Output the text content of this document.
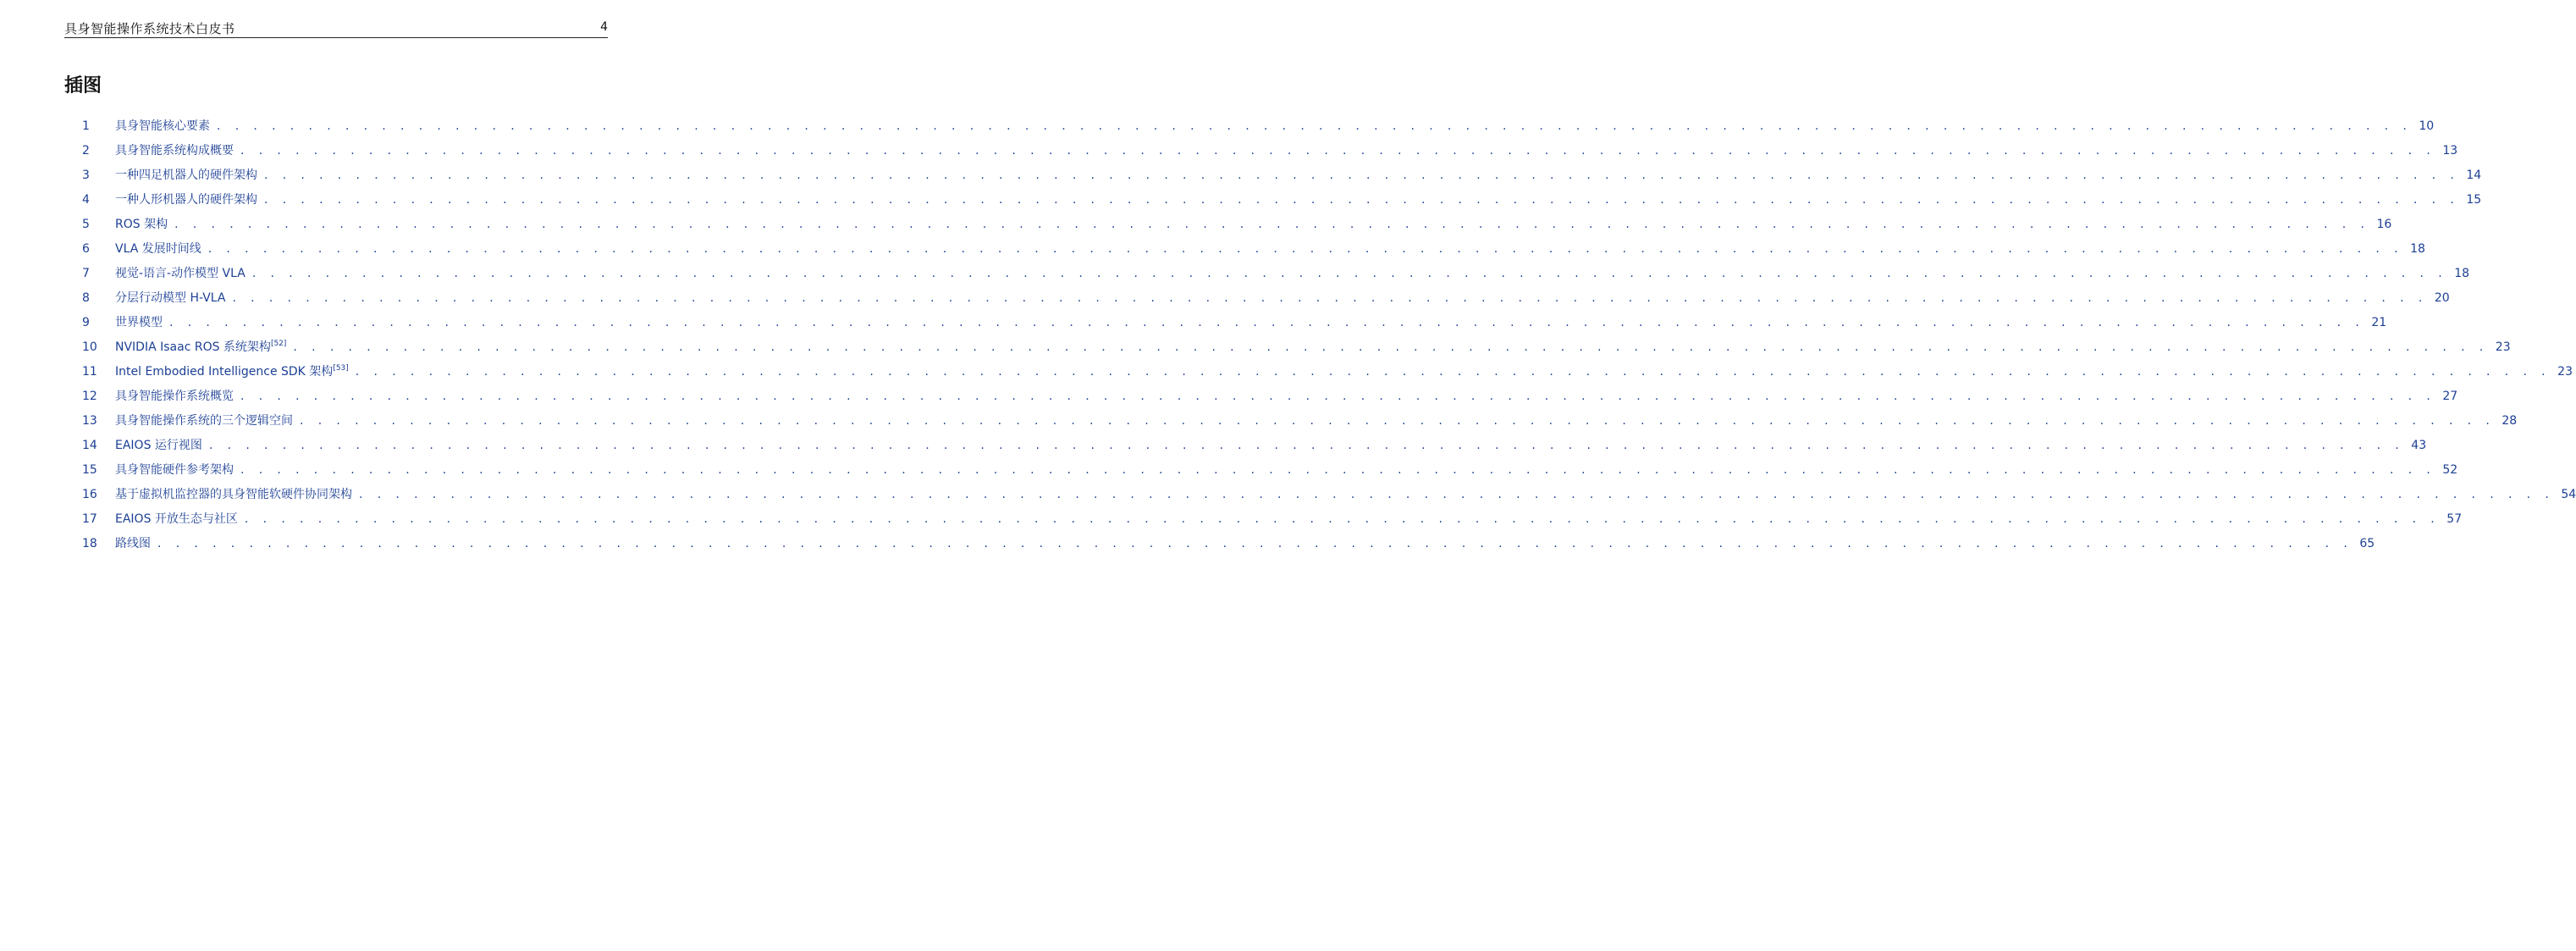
具身智能操作系统技术白皮书	4
插图
1	具身智能核心要素 . . . . . . . . . . . . . . . . . . . . . . . . . . . . . . . . . . . . . . . . . . . . . . . . . . . . . . . . . . . . . . . . . . . . . . . . . . . . . . . . . . . . . . . . . . . . . . . . . . . . . . . . . . . . . . . . . . . . . . . . 10
2	具身智能系统构成概要 . . . . . . . . . . . . . . . . . . . . . . . . . . . . . . . . . . . . . . . . . . . . . . . . . . . . . . . . . . . . . . . . . . . . . . . . . . . . . . . . . . . . . . . . . . . . . . . . . . . . . . . . . . . . . . . . . . . . . . . . 13
3	一种四足机器人的硬件架构 . . . . . . . . . . . . . . . . . . . . . . . . . . . . . . . . . . . . . . . . . . . . . . . . . . . . . . . . . . . . . . . . . . . . . . . . . . . . . . . . . . . . . . . . . . . . . . . . . . . . . . . . . . . . . . . . . . . . . . . . 14
4	一种人形机器人的硬件架构 . . . . . . . . . . . . . . . . . . . . . . . . . . . . . . . . . . . . . . . . . . . . . . . . . . . . . . . . . . . . . . . . . . . . . . . . . . . . . . . . . . . . . . . . . . . . . . . . . . . . . . . . . . . . . . . . . . . . . . . . 15
5	ROS 架构 . . . . . . . . . . . . . . . . . . . . . . . . . . . . . . . . . . . . . . . . . . . . . . . . . . . . . . . . . . . . . . . . . . . . . . . . . . . . . . . . . . . . . . . . . . . . . . . . . . . . . . . . . . . . . . . . . . . . . . . . 16
6	VLA 发展时间线 . . . . . . . . . . . . . . . . . . . . . . . . . . . . . . . . . . . . . . . . . . . . . . . . . . . . . . . . . . . . . . . . . . . . . . . . . . . . . . . . . . . . . . . . . . . . . . . . . . . . . . . . . . . . . . . . . . . . . . . . 18
7	视觉-语言-动作模型 VLA . . . . . . . . . . . . . . . . . . . . . . . . . . . . . . . . . . . . . . . . . . . . . . . . . . . . . . . . . . . . . . . . . . . . . . . . . . . . . . . . . . . . . . . . . . . . . . . . . . . . . . . . . . . . . . . . . . . . . . . . 18
8	分层行动模型 H-VLA . . . . . . . . . . . . . . . . . . . . . . . . . . . . . . . . . . . . . . . . . . . . . . . . . . . . . . . . . . . . . . . . . . . . . . . . . . . . . . . . . . . . . . . . . . . . . . . . . . . . . . . . . . . . . . . . . . . . . . . . 20
9	世界模型 . . . . . . . . . . . . . . . . . . . . . . . . . . . . . . . . . . . . . . . . . . . . . . . . . . . . . . . . . . . . . . . . . . . . . . . . . . . . . . . . . . . . . . . . . . . . . . . . . . . . . . . . . . . . . . . . . . . . . . . . 21
10	NVIDIA Isaac ROS 系统架构[52] . . . . . . . . . . . . . . . . . . . . . . . . . . . . . . . . . . . . . . . . . . . . . . . . . . . . . . . . . . . . . . . . . . . . . . . . . . . . . . . . . . . . . . . . . . . . . . . . . . . . . . . . . . . . . . . . . . . . . . . . 23
11	Intel Embodied Intelligence SDK 架构[53] . . . . . . . . . . . . . . . . . . . . . . . . . . . . . . . . . . . . . . . . . . . . . . . . . . . . . . . . . . . . . . . . . . . . . . . . . . . . . . . . . . . . . . . . . . . . . . . . . . . . . . . . . . . . . . . . . . . . . . . . 23
12	具身智能操作系统概览 . . . . . . . . . . . . . . . . . . . . . . . . . . . . . . . . . . . . . . . . . . . . . . . . . . . . . . . . . . . . . . . . . . . . . . . . . . . . . . . . . . . . . . . . . . . . . . . . . . . . . . . . . . . . . . . . . . . . . . . . 27
13	具身智能操作系统的三个逻辑空间 . . . . . . . . . . . . . . . . . . . . . . . . . . . . . . . . . . . . . . . . . . . . . . . . . . . . . . . . . . . . . . . . . . . . . . . . . . . . . . . . . . . . . . . . . . . . . . . . . . . . . . . . . . . . . . . . . . . . . . . . 28
14	EAIOS 运行视图 . . . . . . . . . . . . . . . . . . . . . . . . . . . . . . . . . . . . . . . . . . . . . . . . . . . . . . . . . . . . . . . . . . . . . . . . . . . . . . . . . . . . . . . . . . . . . . . . . . . . . . . . . . . . . . . . . . . . . . . . 43
15	具身智能硬件参考架构 . . . . . . . . . . . . . . . . . . . . . . . . . . . . . . . . . . . . . . . . . . . . . . . . . . . . . . . . . . . . . . . . . . . . . . . . . . . . . . . . . . . . . . . . . . . . . . . . . . . . . . . . . . . . . . . . . . . . . . . . 52
16	基于虚拟机监控器的具身智能软硬件协同架构 . . . . . . . . . . . . . . . . . . . . . . . . . . . . . . . . . . . . . . . . . . . . . . . . . . . . . . . . . . . . . . . . . . . . . . . . . . . . . . . . . . . . . . . . . . . . . . . . . . . . . . . . . . . . . . . . . . . . . . . . 54
17	EAIOS 开放生态与社区 . . . . . . . . . . . . . . . . . . . . . . . . . . . . . . . . . . . . . . . . . . . . . . . . . . . . . . . . . . . . . . . . . . . . . . . . . . . . . . . . . . . . . . . . . . . . . . . . . . . . . . . . . . . . . . . . . . . . . . . . 57
18	路线图 . . . . . . . . . . . . . . . . . . . . . . . . . . . . . . . . . . . . . . . . . . . . . . . . . . . . . . . . . . . . . . . . . . . . . . . . . . . . . . . . . . . . . . . . . . . . . . . . . . . . . . . . . . . . . . . . . . . . . . . . 65
